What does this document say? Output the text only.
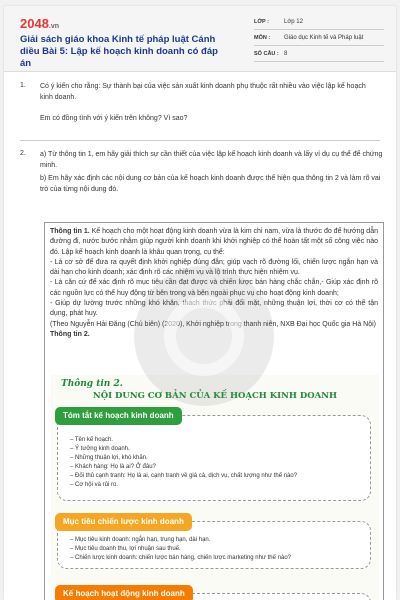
2048.vn
Giải sách giáo khoa Kinh tế pháp luật Cánh diều Bài 5: Lập kế hoạch kinh doanh có đáp án
LỚP :	Lớp 12
MÔN :	Giáo dục Kinh tế và Pháp luật
SỐ CÂU : 8
1. Có ý kiến cho rằng: Sự thành bại của việc sản xuất kinh doanh phụ thuộc rất nhiều vào việc lập kế hoạch kinh doanh.
Em có đồng tình với ý kiến trên không? Vì sao?
2. a) Từ thông tin 1, em hãy giải thích sự cần thiết của việc lập kế hoạch kinh doanh và lấy ví dụ cụ thể để chứng minh.
b) Em hãy xác định các nội dung cơ bản của kế hoạch kinh doanh được thể hiện qua thông tin 2 và làm rõ vai trò của từng nội dung đó.

Thông tin 1. Kế hoạch cho một hoạt động kinh doanh vừa là kim chỉ nam, vừa là thước đo để hướng dẫn đường đi, nước bước nhằm giúp người kinh doanh khi khởi nghiệp có thể hoàn tất một số công việc nào đó. Lập kế hoạch kinh doanh là khâu quan trọng, cụ thể:

- Là cơ sở để đưa ra quyết định khởi nghiệp đúng đắn; giúp vạch rõ đường lối, chiến lược ngắn hạn và dài hạn cho kinh doanh; xác định rõ các nhiệm vụ và lộ trình thực hiện nhiệm vụ.

- Là căn cứ để xác định rõ mục tiêu cần đạt được và chiến lược bán hàng chắc chắn,- Giúp xác định rõ các nguồn lực có thể huy động từ bên trong và bên ngoài phục vụ cho hoạt động kinh doanh;

- Giúp dự lường trước những khó khăn, thách thức phải đối mặt, những thuận lợi, thời cơ có thể tận dụng, phát huy.

(Theo Nguyễn Hải Đăng (Chủ biên) (2020), Khởi nghiệp trong thanh niên, NXB Đại học Quốc gia Hà Nội)

Thông tin 2.

Thông tin 2.
NỘI DUNG CƠ BẢN CỦA KẾ HOẠCH KINH DOANH
– Tên kế hoạch.
– Ý tưởng kinh doanh.
– Những thuận lợi, khó khăn.
– Khách hàng: Họ là ai? Ở đâu?
– Đối thủ cạnh tranh: Họ là ai, cạnh tranh về giá cả, dịch vụ, chất lượng như thế nào?
– Cơ hội và rủi ro.
Tóm tắt kế hoạch kinh doanh
– Mục tiêu kinh doanh: ngắn hạn, trung hạn, dài hạn.
– Mục tiêu doanh thu, lợi nhuận sau thuế.
– Chiến lược kinh doanh: chiến lược bán hàng, chiến lược marketing như thế nào?
Mục tiêu chiến lược kinh doanh
Kế hoạch hoạt động kinh doanh
